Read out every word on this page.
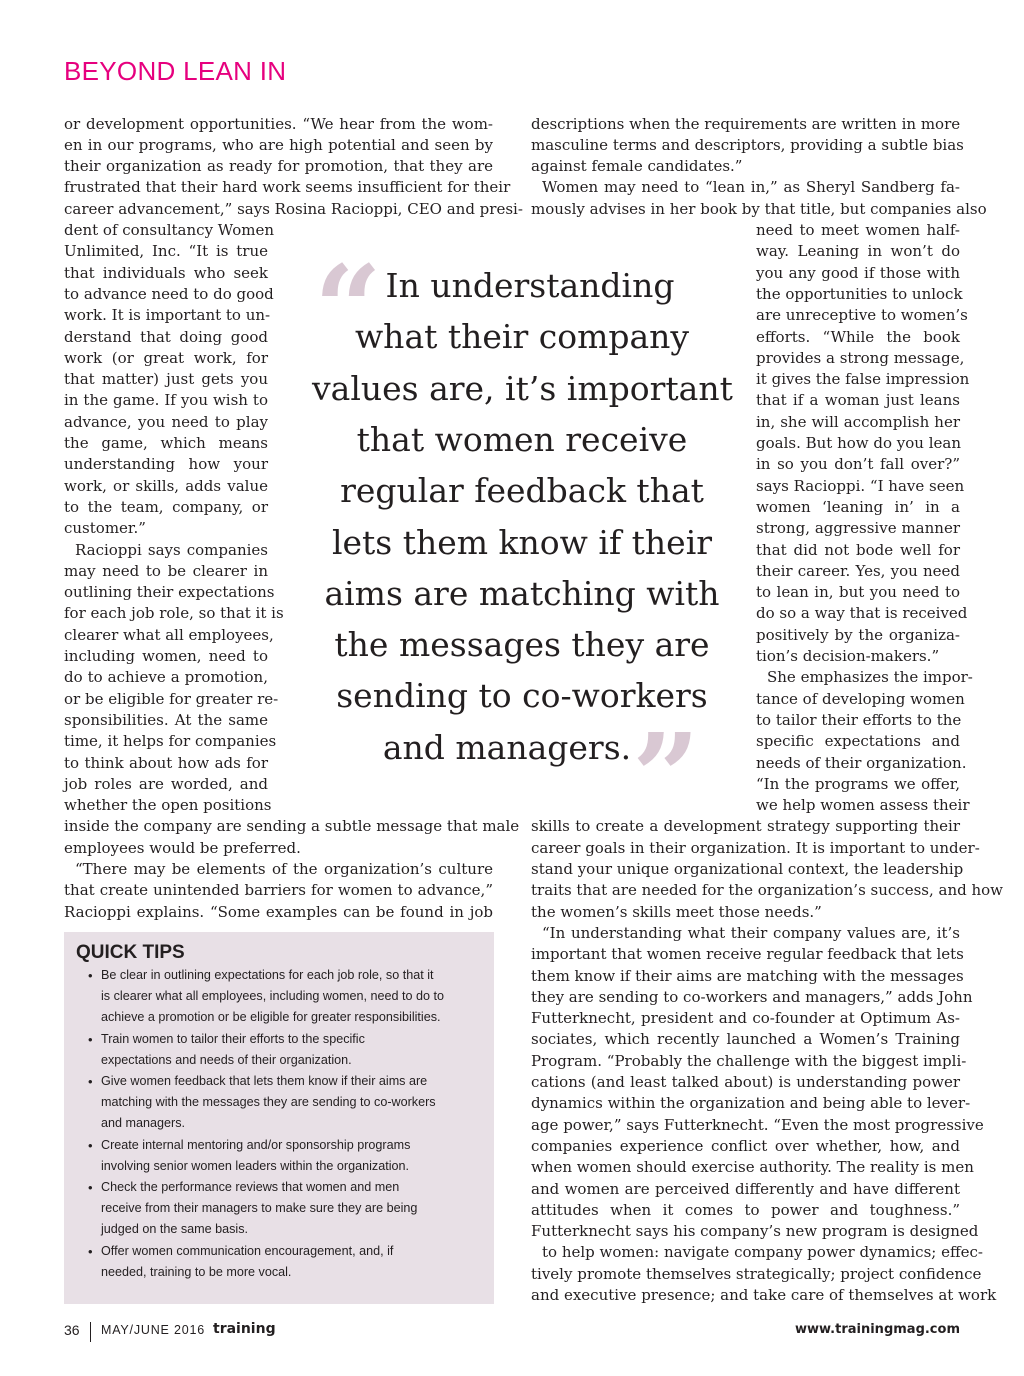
BEYOND LEAN IN

or development opportunities. “We hear from the wom-

en in our programs, who are high potential and seen by

their organization as ready for promotion, that they are

frustrated that their hard work seems insufficient for their

career advancement,” says Rosina Racioppi, CEO and presi-

dent of consultancy Women

Unlimited, Inc. “It is true

that individuals who seek

to advance need to do good

work. It is important to un-

derstand that doing good

work (or great work, for

that matter) just gets you

in the game. If you wish to

advance, you need to play

the game, which means

understanding how your

work, or skills, adds value

to the team, company, or

customer.”

Racioppi says companies

may need to be clearer in

outlining their expectations

for each job role, so that it is

clearer what all employees,

including women, need to

do to achieve a promotion,

or be eligible for greater re-

sponsibilities. At the same

time, it helps for companies

to think about how ads for

job roles are worded, and

whether the open positions

inside the company are sending a subtle message that male

employees would be preferred.

“There may be elements of the organization’s culture

that create unintended barriers for women to advance,”

Racioppi explains. “Some examples can be found in job

descriptions when the requirements are written in more

masculine terms and descriptors, providing a subtle bias

against female candidates.”

Women may need to “lean in,” as Sheryl Sandberg fa-

mously advises in her book by that title, but companies also

need to meet women half-

way. Leaning in won’t do

you any good if those with

the opportunities to unlock

are unreceptive to women’s

efforts. “While the book

provides a strong message,

it gives the false impression

that if a woman just leans

in, she will accomplish her

goals. But how do you lean

in so you don’t fall over?”

says Racioppi. “I have seen

women ‘leaning in’ in a

strong, aggressive manner

that did not bode well for

their career. Yes, you need

to lean in, but you need to

do so a way that is received

positively by the organiza-

tion’s decision-makers.”

She emphasizes the impor-

tance of developing women

to tailor their efforts to the

specific expectations and

needs of their organization.

“In the programs we offer,

we help women assess their

skills to create a development strategy supporting their

career goals in their organization. It is important to under-

stand your unique organizational context, the leadership

traits that are needed for the organization’s success, and how

the women’s skills meet those needs.”

“In understanding what their company values are, it’s

important that women receive regular feedback that lets

them know if their aims are matching with the messages

they are sending to co-workers and managers,” adds John

Futterknecht, president and co-founder at Optimum As-

sociates, which recently launched a Women’s Training

Program. “Probably the challenge with the biggest impli-

cations (and least talked about) is understanding power

dynamics within the organization and being able to lever-

age power,” says Futterknecht. “Even the most progressive

companies experience conflict over whether, how, and

when women should exercise authority. The reality is men

and women are perceived differently and have different

attitudes when it comes to power and toughness.”

Futterknecht says his company’s new program is designed

to help women: navigate company power dynamics; effec-

tively promote themselves strategically; project confidence

and executive presence; and take care of themselves at work

“ In understanding

what their company

values are, it’s important

that women receive

regular feedback that

lets them know if their

aims are matching with

the messages they are

sending to co-workers

and managers. ”
QUICK TIPS
• Be clear in outlining expectations for each job role, so that it

is clearer what all employees, including women, need to do to

achieve a promotion or be eligible for greater responsibilities.

• Train women to tailor their efforts to the specific

expectations and needs of their organization.

• Give women feedback that lets them know if their aims are

matching with the messages they are sending to co-workers

and managers.

• Create internal mentoring and/or sponsorship programs

involving senior women leaders within the organization.

• Check the performance reviews that women and men

receive from their managers to make sure they are being

judged on the same basis.

• Offer women communication encouragement, and, if

needed, training to be more vocal.

36 MAY/JUNE 2016 training	www.trainingmag.com
